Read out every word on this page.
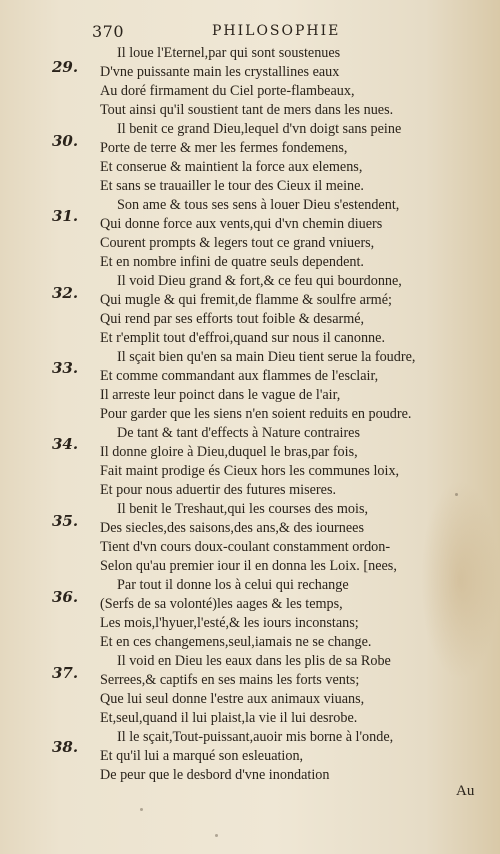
370	PHILOSOPHIE
29.
30.
31.
32.
33.
34.
35.
36.
37.
38.
Il loue l'Eternel,par qui sont soustenues
D'vne puissante main les crystallines eaux
Au doré firmament du Ciel porte-flambeaux,
Tout ainsi qu'il soustient tant de mers dans les nues.
Il benit ce grand Dieu,lequel d'vn doigt sans peine
Porte de terre & mer les fermes fondemens,
Et conserue & maintient la force aux elemens,
Et sans se trauailler le tour des Cieux il meine.
Son ame & tous ses sens à louer Dieu s'estendent,
Qui donne force aux vents,qui d'vn chemin diuers
Courent prompts & legers tout ce grand vniuers,
Et en nombre infini de quatre seuls dependent.
Il void Dieu grand & fort,& ce feu qui bourdonne,
Qui mugle & qui fremit,de flamme & soulfre armé;
Qui rend par ses efforts tout foible & desarmé,
Et r'emplit tout d'effroi,quand sur nous il canonne.
Il sçait bien qu'en sa main Dieu tient serue la foudre,
Et comme commandant aux flammes de l'esclair,
Il arreste leur poinct dans le vague de l'air,
Pour garder que les siens n'en soient reduits en poudre.
De tant & tant d'effects à Nature contraires
Il donne gloire à Dieu,duquel le bras,par fois,
Fait maint prodige és Cieux hors les communes loix,
Et pour nous aduertir des futures miseres.
Il benit le Treshaut,qui les courses des mois,
Des siecles,des saisons,des ans,& des iournees
Tient d'vn cours doux-coulant constamment ordon-
Selon qu'au premier iour il en donna les Loix. [nees,
Par tout il donne los à celui qui rechange
(Serfs de sa volonté)les aages & les temps,
Les mois,l'hyuer,l'esté,& les iours inconstans;
Et en ces changemens,seul,iamais ne se change.
Il void en Dieu les eaux dans les plis de sa Robe
Serrees,& captifs en ses mains les forts vents;
Que lui seul donne l'estre aux animaux viuans,
Et,seul,quand il lui plaist,la vie il lui desrobe.
Il le sçait,Tout-puissant,auoir mis borne à l'onde,
Et qu'il lui a marqué son esleuation,
De peur que le desbord d'vne inondation
Au
